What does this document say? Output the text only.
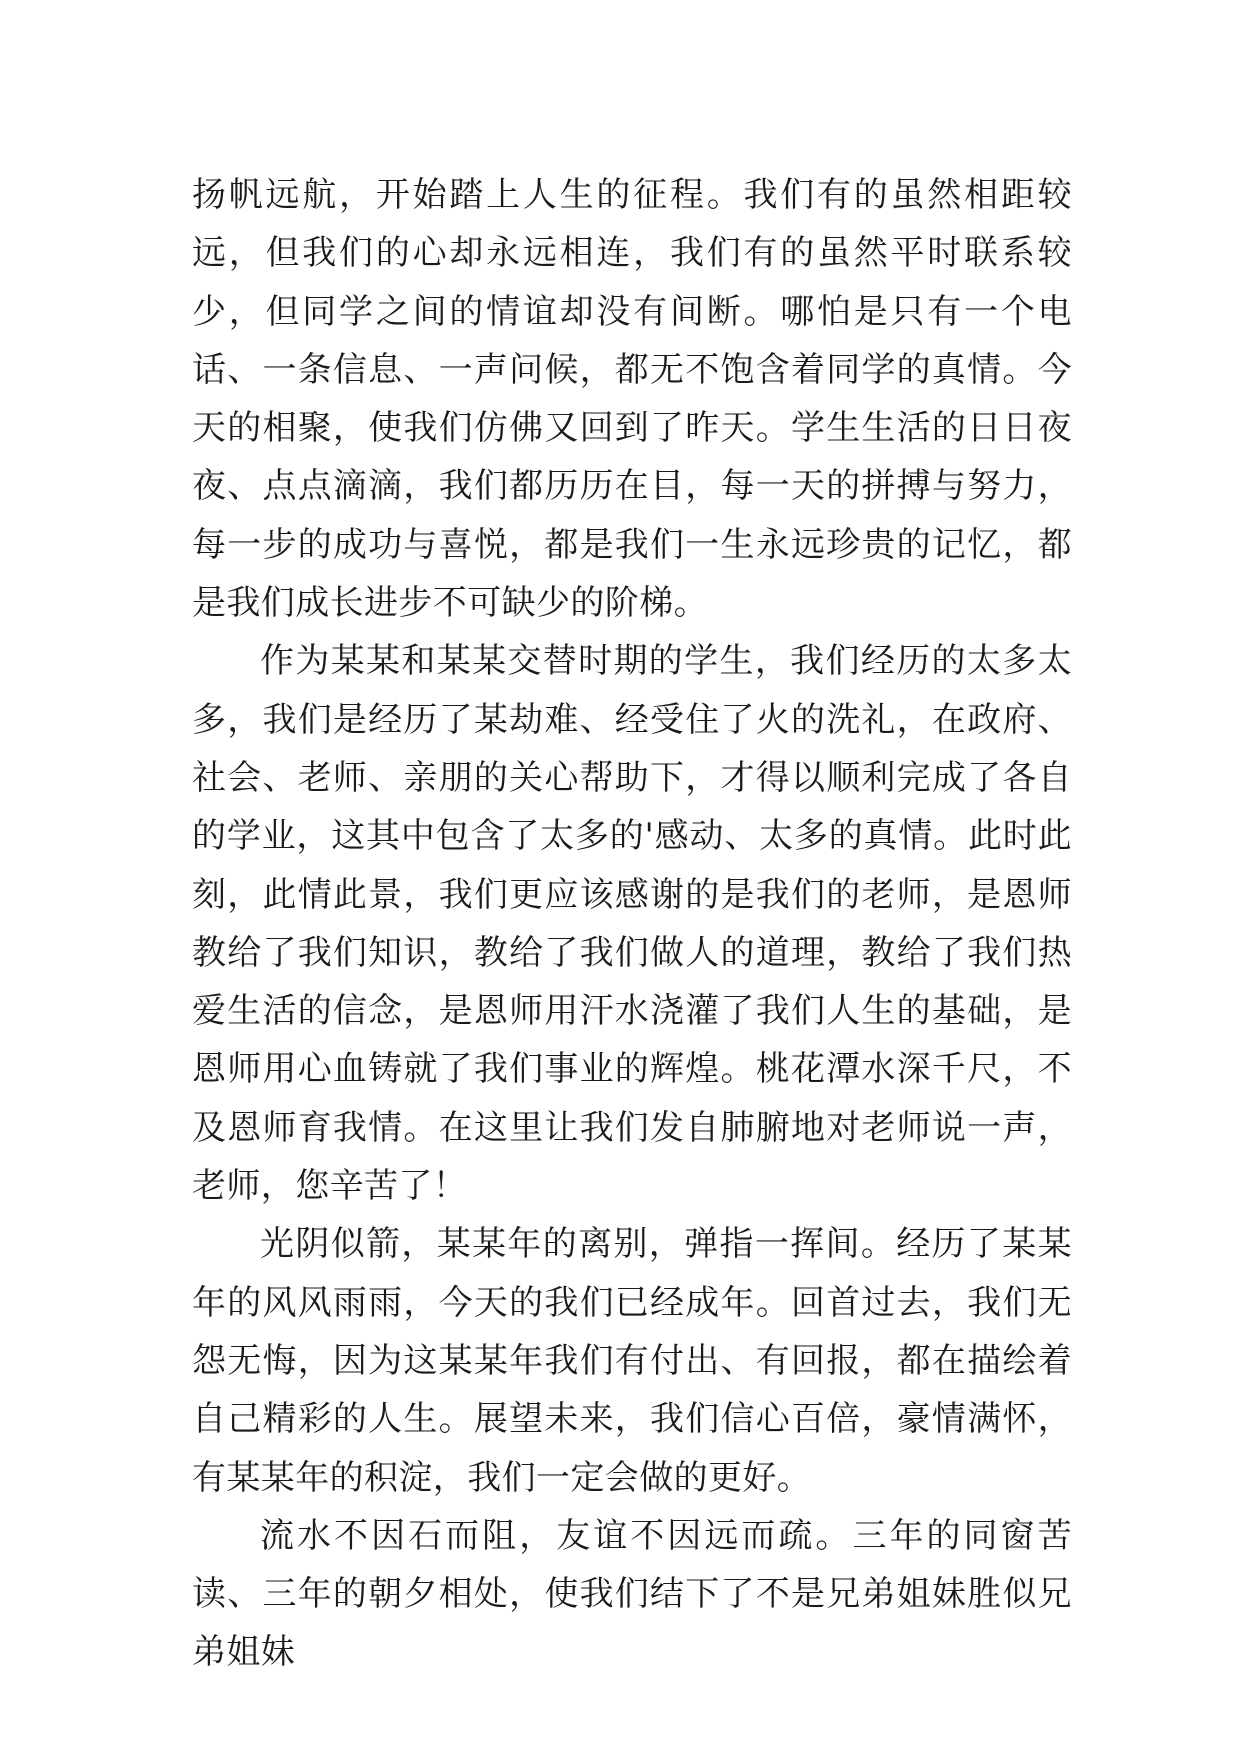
扬帆远航，开始踏上人生的征程。我们有的虽然相距较远，但我们的心却永远相连，我们有的虽然平时联系较少，但同学之间的情谊却没有间断。哪怕是只有一个电话、一条信息、一声问候，都无不饱含着同学的真情。今天的相聚，使我们仿佛又回到了昨天。学生生活的日日夜夜、点点滴滴，我们都历历在目，每一天的拼搏与努力，每一步的成功与喜悦，都是我们一生永远珍贵的记忆，都是我们成长进步不可缺少的阶梯。

作为某某和某某交替时期的学生，我们经历的太多太多，我们是经历了某劫难、经受住了火的洗礼，在政府、社会、老师、亲朋的关心帮助下，才得以顺利完成了各自的学业，这其中包含了太多的'感动、太多的真情。此时此刻，此情此景，我们更应该感谢的是我们的老师，是恩师教给了我们知识，教给了我们做人的道理，教给了我们热爱生活的信念，是恩师用汗水浇灌了我们人生的基础，是恩师用心血铸就了我们事业的辉煌。桃花潭水深千尺，不及恩师育我情。在这里让我们发自肺腑地对老师说一声，老师，您辛苦了！

光阴似箭，某某年的离别，弹指一挥间。经历了某某年的风风雨雨，今天的我们已经成年。回首过去，我们无怨无悔，因为这某某年我们有付出、有回报，都在描绘着自己精彩的人生。展望未来，我们信心百倍，豪情满怀，有某某年的积淀，我们一定会做的更好。

流水不因石而阻，友谊不因远而疏。三年的同窗苦读、三年的朝夕相处，使我们结下了不是兄弟姐妹胜似兄弟姐妹
